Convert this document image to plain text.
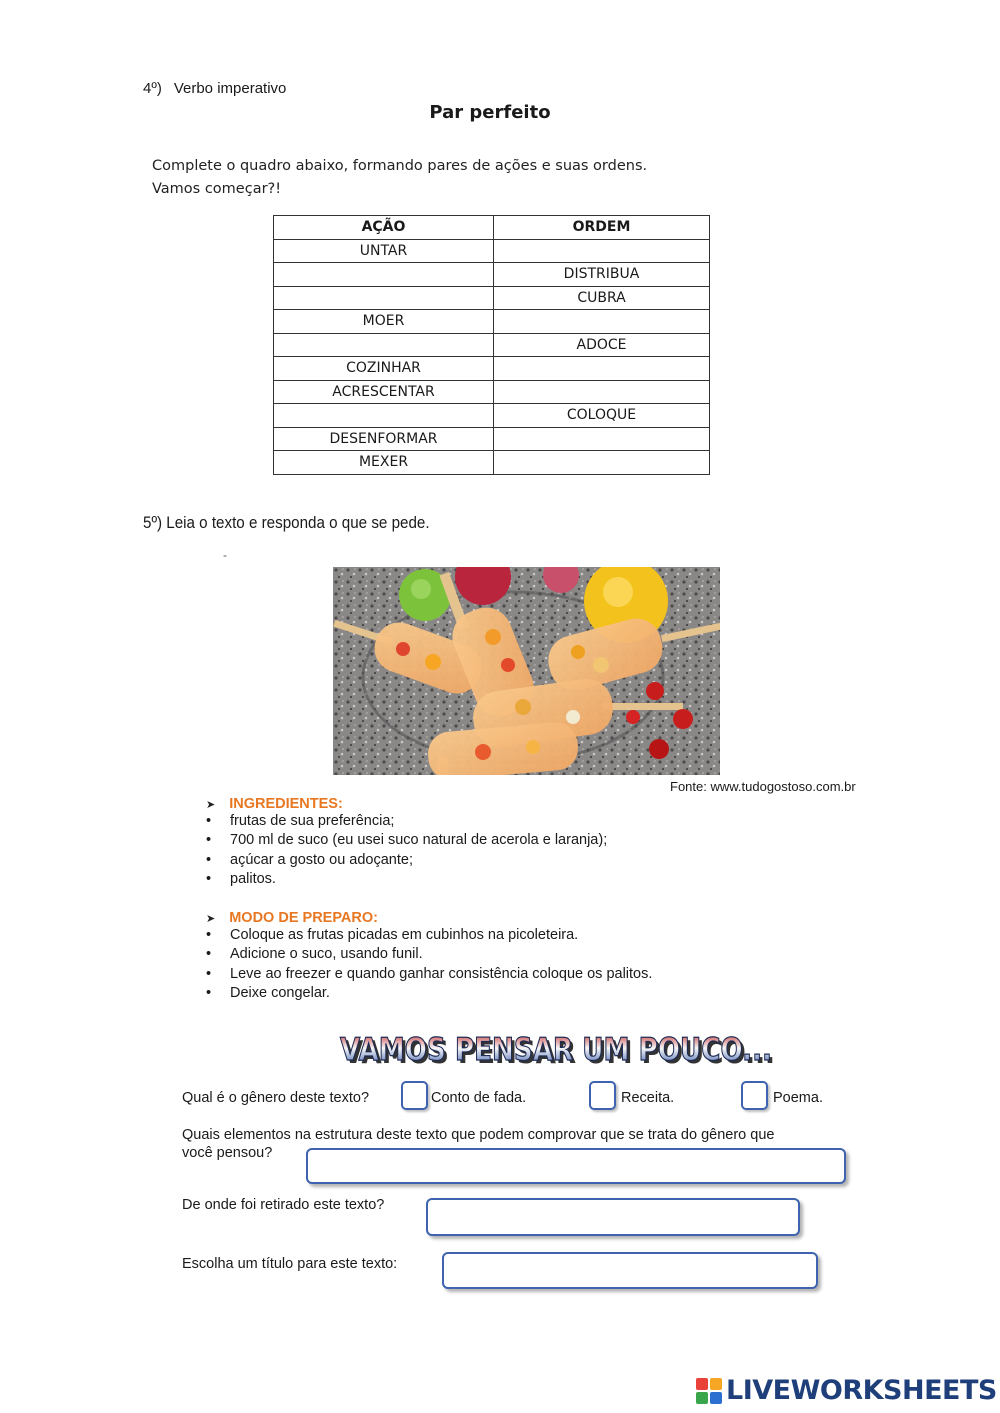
4º) Verbo imperativo
Par perfeito
Complete o quadro abaixo, formando pares de ações e suas ordens.
Vamos começar?!
AÇÃO	ORDEM
UNTAR	
	DISTRIBUA
	CUBRA
MOER	
	ADOCE
COZINHAR	
ACRESCENTAR	
	COLOQUE
DESENFORMAR	
MEXER	
5º) Leia o texto e responda o que se pede.
-
Fonte: www.tudogostoso.com.br
➤ INGREDIENTES:
• frutas de sua preferência;
• 700 ml de suco (eu usei suco natural de acerola e laranja);
• açúcar a gosto ou adoçante;
• palitos.
➤ MODO DE PREPARO:
• Coloque as frutas picadas em cubinhos na picoleteira.
• Adicione o suco, usando funil.
• Leve ao freezer e quando ganhar consistência coloque os palitos.
• Deixe congelar.
VAMOS PENSAR UM POUCO...
VAMOS PENSAR UM POUCO...
Qual é o gênero deste texto?	Conto de fada.	Receita.	Poema.
Quais elementos na estrutura deste texto que podem comprovar que se trata do gênero que
você pensou?
De onde foi retirado este texto?
Escolha um título para este texto:
LIVEWORKSHEETS
